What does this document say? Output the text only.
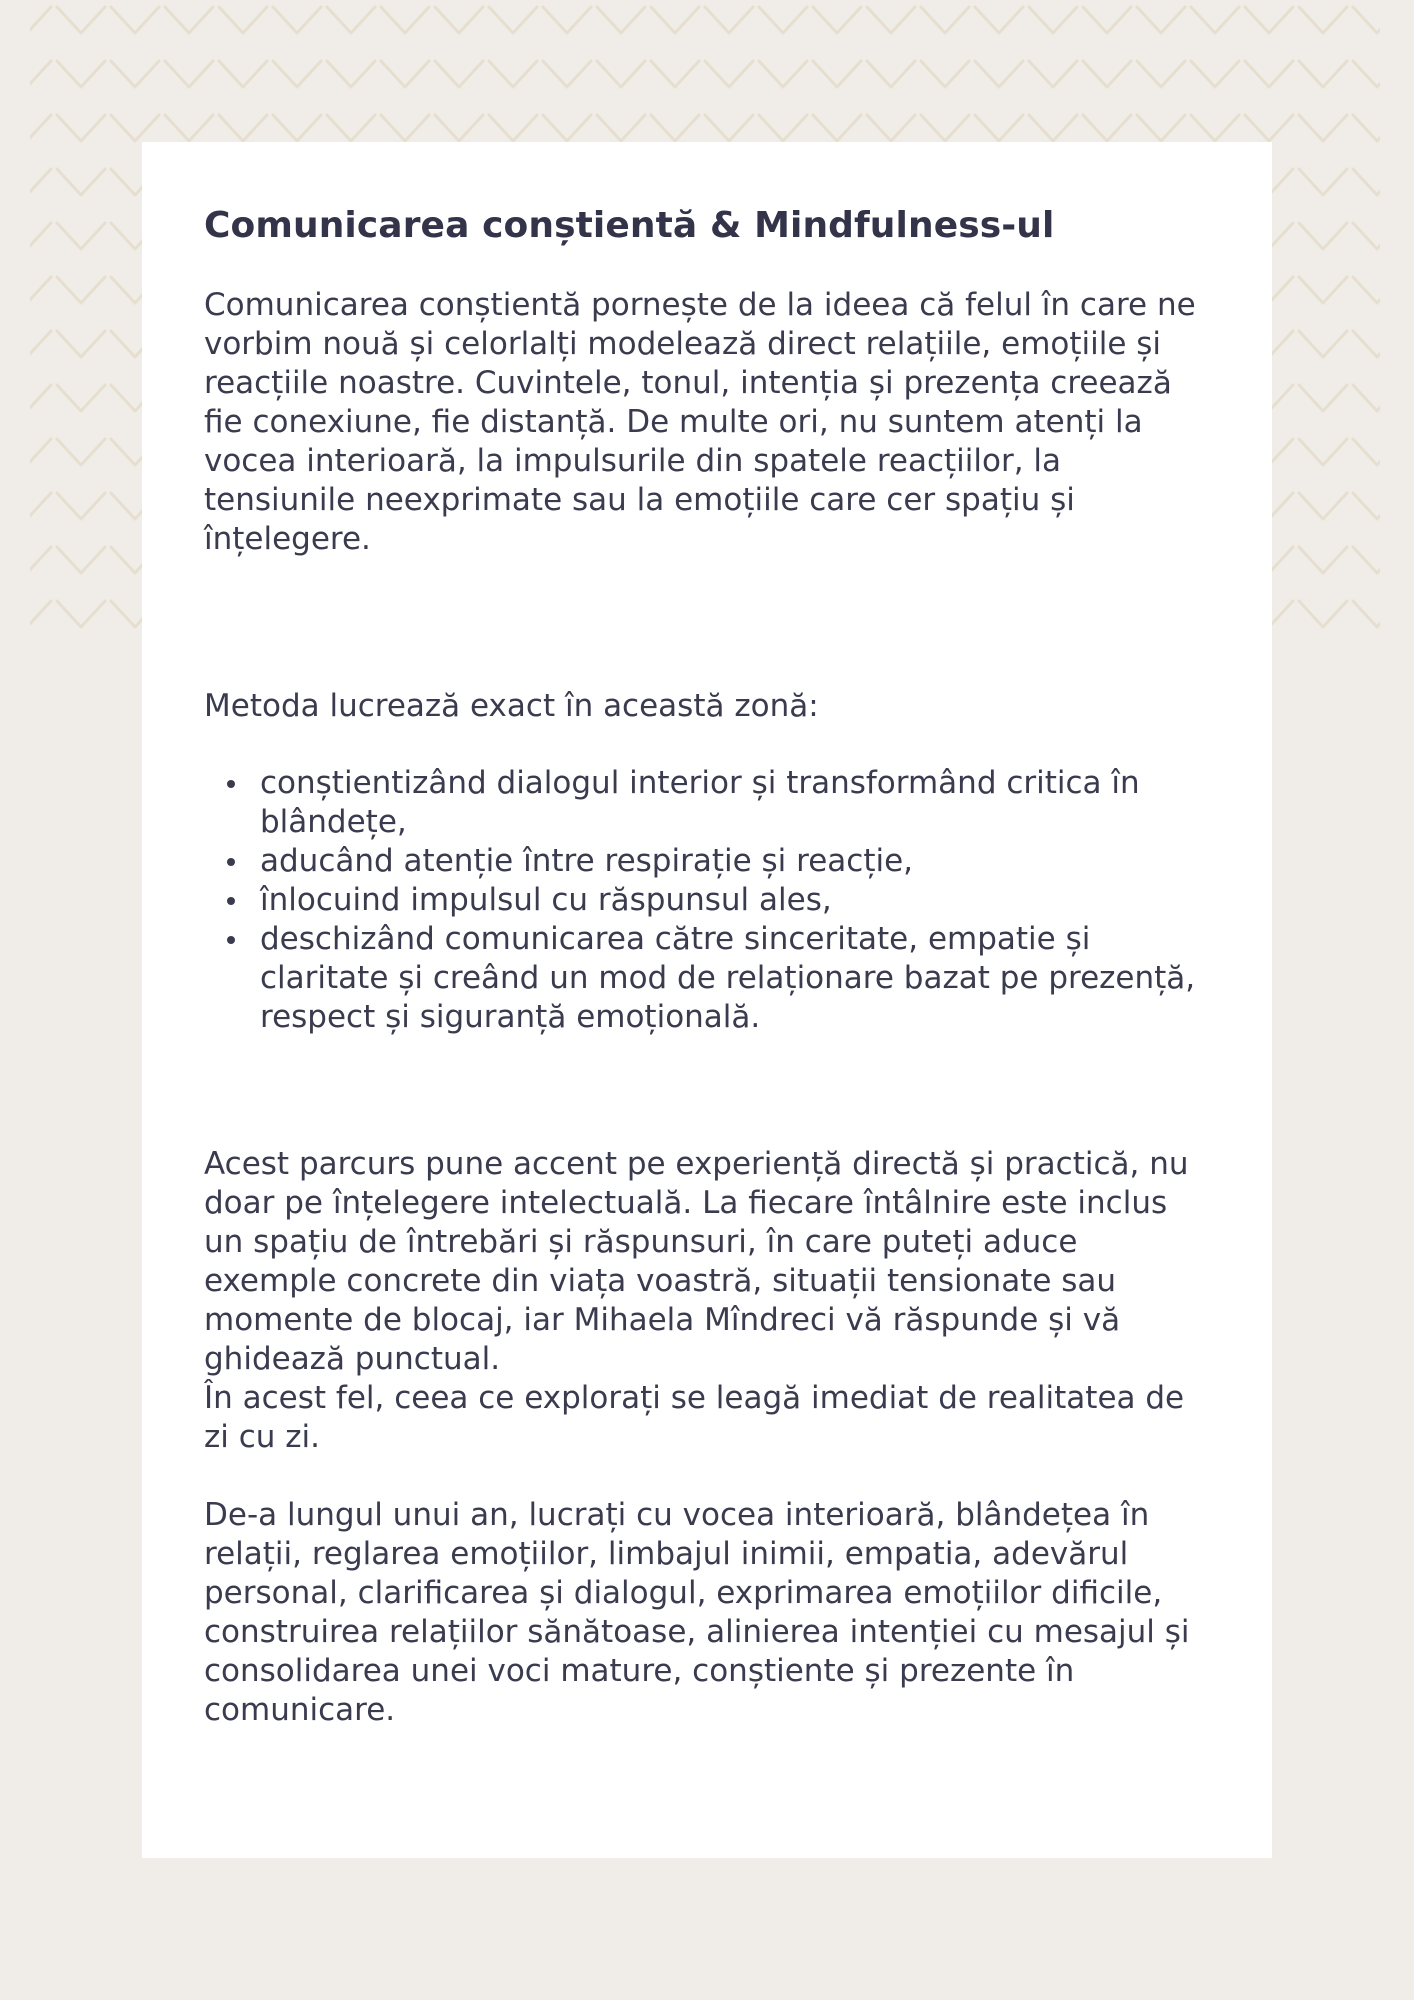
Comunicarea conștientă & Mindfulness-ul

Comunicarea conștientă pornește de la ideea că felul în care ne vorbim nouă și celorlalți modelează direct relațiile, emoțiile și reacțiile noastre. Cuvintele, tonul, intenția și prezența creează fie conexiune, fie distanță. De multe ori, nu suntem atenți la vocea interioară, la impulsurile din spatele reacțiilor, la tensiunile neexprimate sau la emoțiile care cer spațiu și înțelegere.

Metoda lucrează exact în această zonă:

conștientizând dialogul interior și transformând critica în blândețe,
aducând atenție între respirație și reacție,
înlocuind impulsul cu răspunsul ales,
deschizând comunicarea către sinceritate, empatie și claritate și creând un mod de relaționare bazat pe prezență, respect și siguranță emoțională.

Acest parcurs pune accent pe experiență directă și practică, nu doar pe înțelegere intelectuală. La fiecare întâlnire este inclus un spațiu de întrebări și răspunsuri, în care puteți aduce exemple concrete din viața voastră, situații tensionate sau momente de blocaj, iar Mihaela Mîndreci vă răspunde și vă ghidează punctual.
În acest fel, ceea ce explorați se leagă imediat de realitatea de zi cu zi.

De-a lungul unui an, lucrați cu vocea interioară, blândețea în relații, reglarea emoțiilor, limbajul inimii, empatia, adevărul personal, clarificarea și dialogul, exprimarea emoțiilor dificile, construirea relațiilor sănătoase, alinierea intenției cu mesajul și consolidarea unei voci mature, conștiente și prezente în comunicare.
